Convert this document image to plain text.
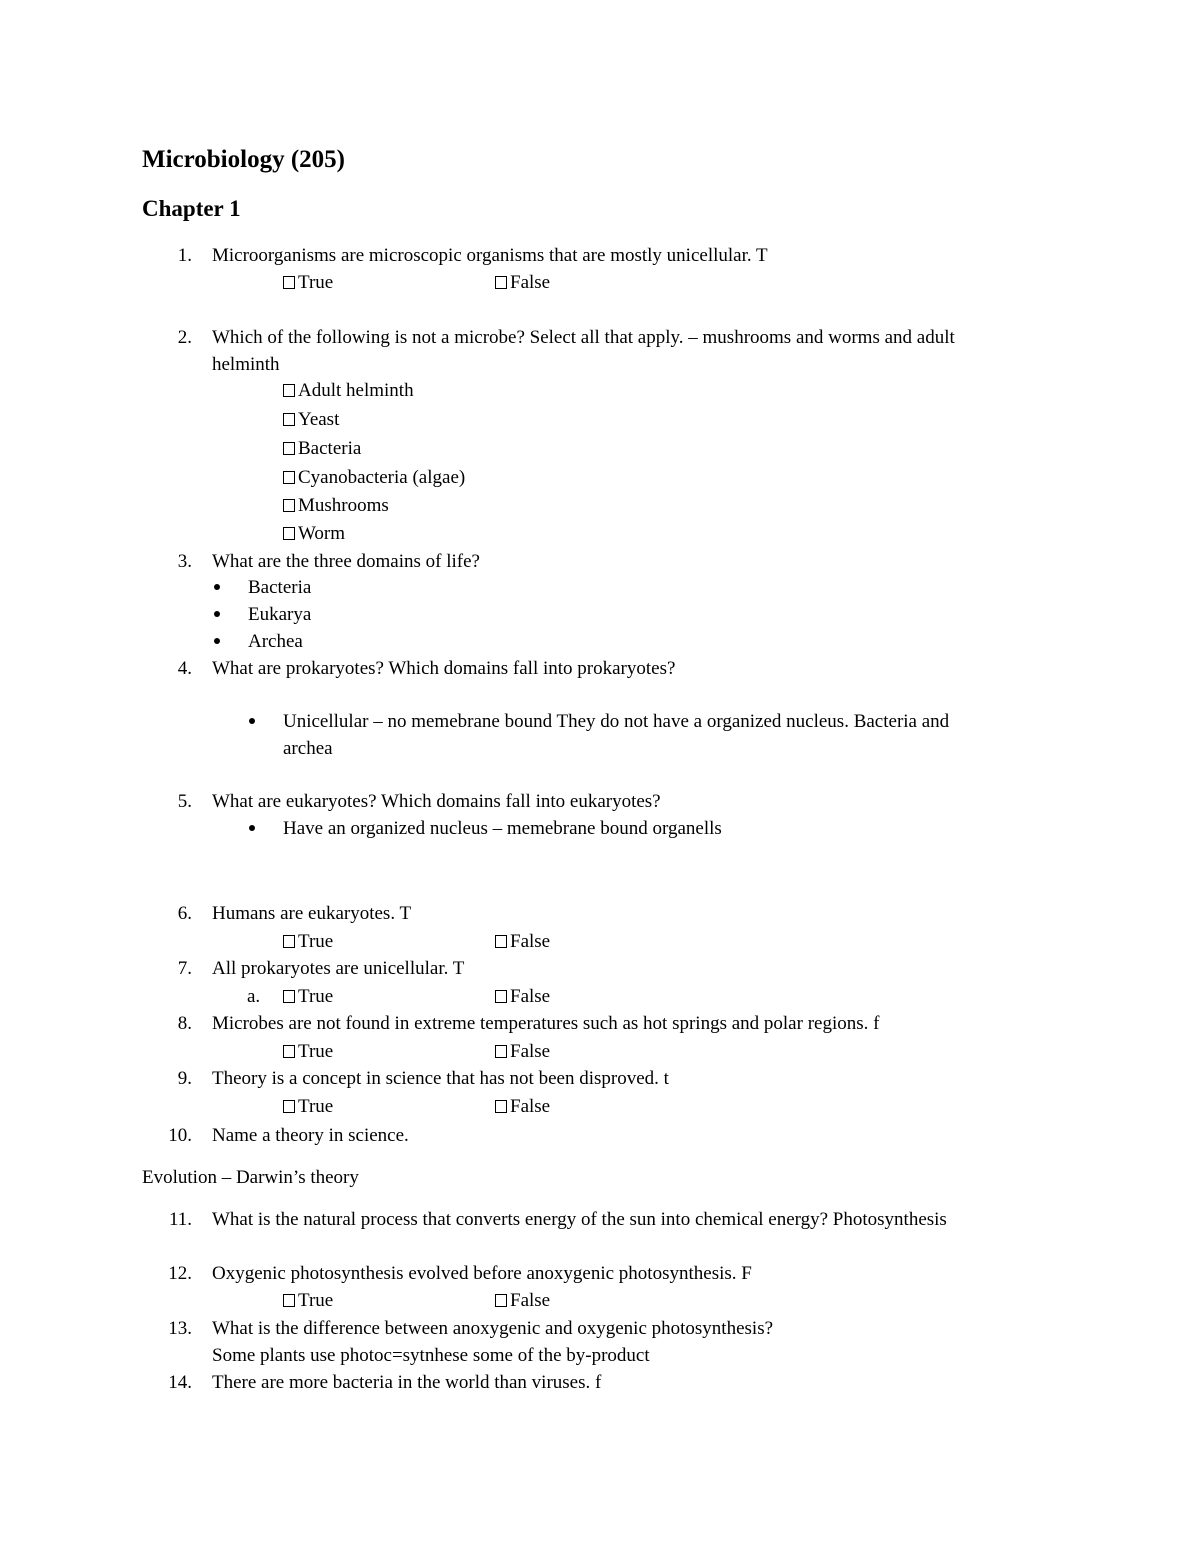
Microbiology (205)
Chapter 1
1. Microorganisms are microscopic organisms that are mostly unicellular. T
True	False
2. Which of the following is not a microbe? Select all that apply. – mushrooms and worms and adult
helminth
Adult helminth
Yeast
Bacteria
Cyanobacteria (algae)
Mushrooms
Worm
3. What are the three domains of life?
Bacteria
Eukarya
Archea
4. What are prokaryotes? Which domains fall into prokaryotes?
Unicellular – no memebrane bound They do not have a organized nucleus. Bacteria and
archea
5. What are eukaryotes? Which domains fall into eukaryotes?
Have an organized nucleus – memebrane bound organells
6. Humans are eukaryotes. T
True	False
7. All prokaryotes are unicellular. T
a.	True	False
8. Microbes are not found in extreme temperatures such as hot springs and polar regions. f
True	False
9. Theory is a concept in science that has not been disproved. t
True	False
10. Name a theory in science.
Evolution – Darwin’s theory
11. What is the natural process that converts energy of the sun into chemical energy? Photosynthesis
12. Oxygenic photosynthesis evolved before anoxygenic photosynthesis. F
True	False
13. What is the difference between anoxygenic and oxygenic photosynthesis?
Some plants use photoc=sytnhese some of the by-product
14. There are more bacteria in the world than viruses. f
